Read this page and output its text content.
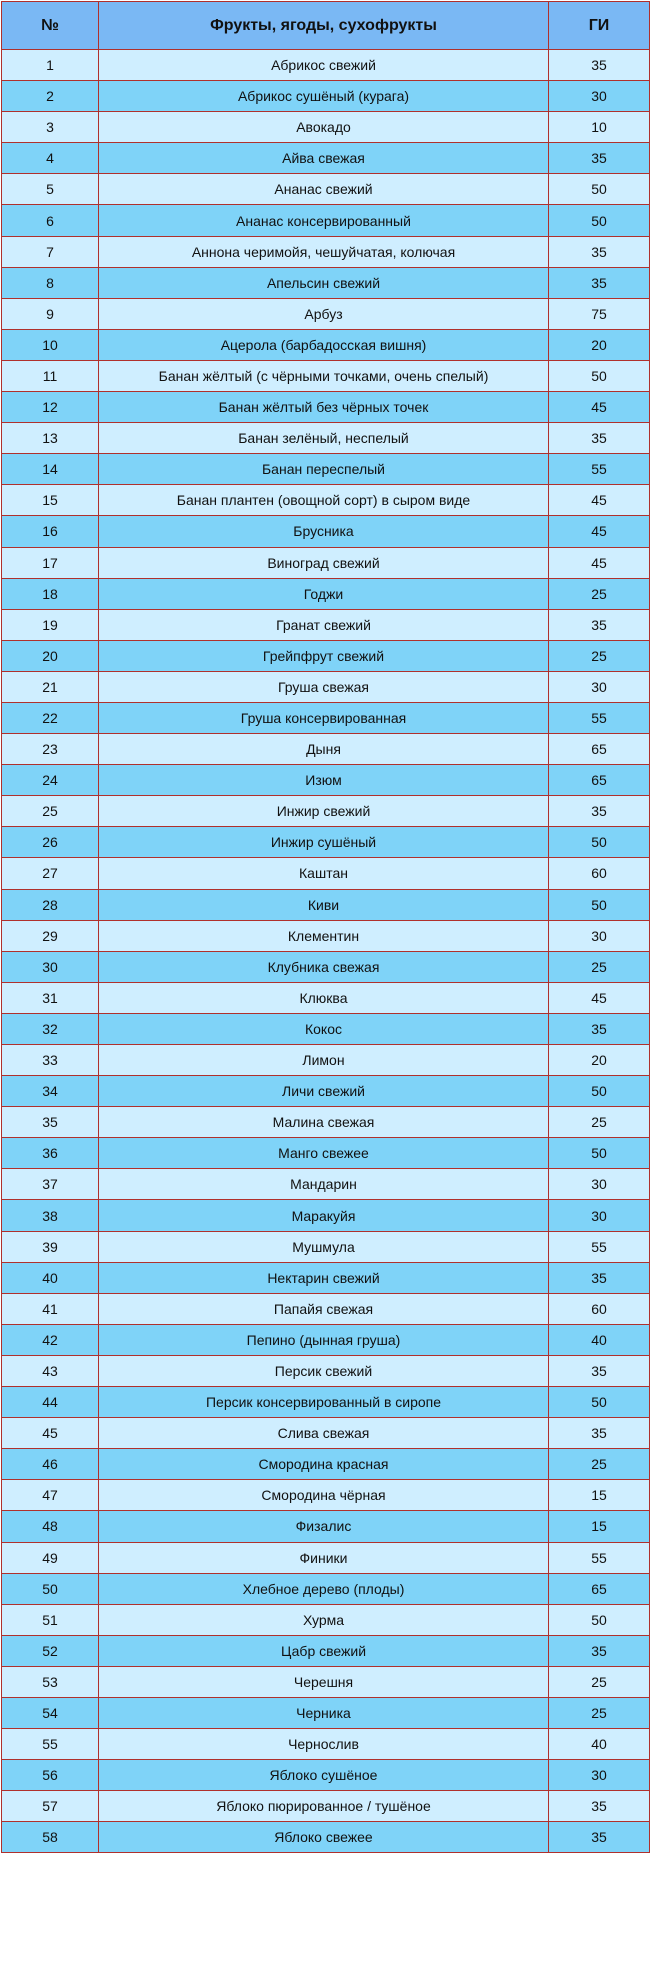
№	Фрукты, ягоды, сухофрукты	ГИ
1	Абрикос свежий	35
2	Абрикос сушёный (курага)	30
3	Авокадо	10
4	Айва свежая	35
5	Ананас свежий	50
6	Ананас консервированный	50
7	Аннона черимойя, чешуйчатая, колючая	35
8	Апельсин свежий	35
9	Арбуз	75
10	Ацерола (барбадосская вишня)	20
11	Банан жёлтый (с чёрными точками, очень спелый)	50
12	Банан жёлтый без чёрных точек	45
13	Банан зелёный, неспелый	35
14	Банан переспелый	55
15	Банан плантен (овощной сорт) в сыром виде	45
16	Брусника	45
17	Виноград свежий	45
18	Годжи	25
19	Гранат свежий	35
20	Грейпфрут свежий	25
21	Груша свежая	30
22	Груша консервированная	55
23	Дыня	65
24	Изюм	65
25	Инжир свежий	35
26	Инжир сушёный	50
27	Каштан	60
28	Киви	50
29	Клементин	30
30	Клубника свежая	25
31	Клюква	45
32	Кокос	35
33	Лимон	20
34	Личи свежий	50
35	Малина свежая	25
36	Манго свежее	50
37	Мандарин	30
38	Маракуйя	30
39	Мушмула	55
40	Нектарин свежий	35
41	Папайя свежая	60
42	Пепино (дынная груша)	40
43	Персик свежий	35
44	Персик консервированный в сиропе	50
45	Слива свежая	35
46	Смородина красная	25
47	Смородина чёрная	15
48	Физалис	15
49	Финики	55
50	Хлебное дерево (плоды)	65
51	Хурма	50
52	Цабр свежий	35
53	Черешня	25
54	Черника	25
55	Чернослив	40
56	Яблоко сушёное	30
57	Яблоко пюрированное / тушёное	35
58	Яблоко свежее	35
